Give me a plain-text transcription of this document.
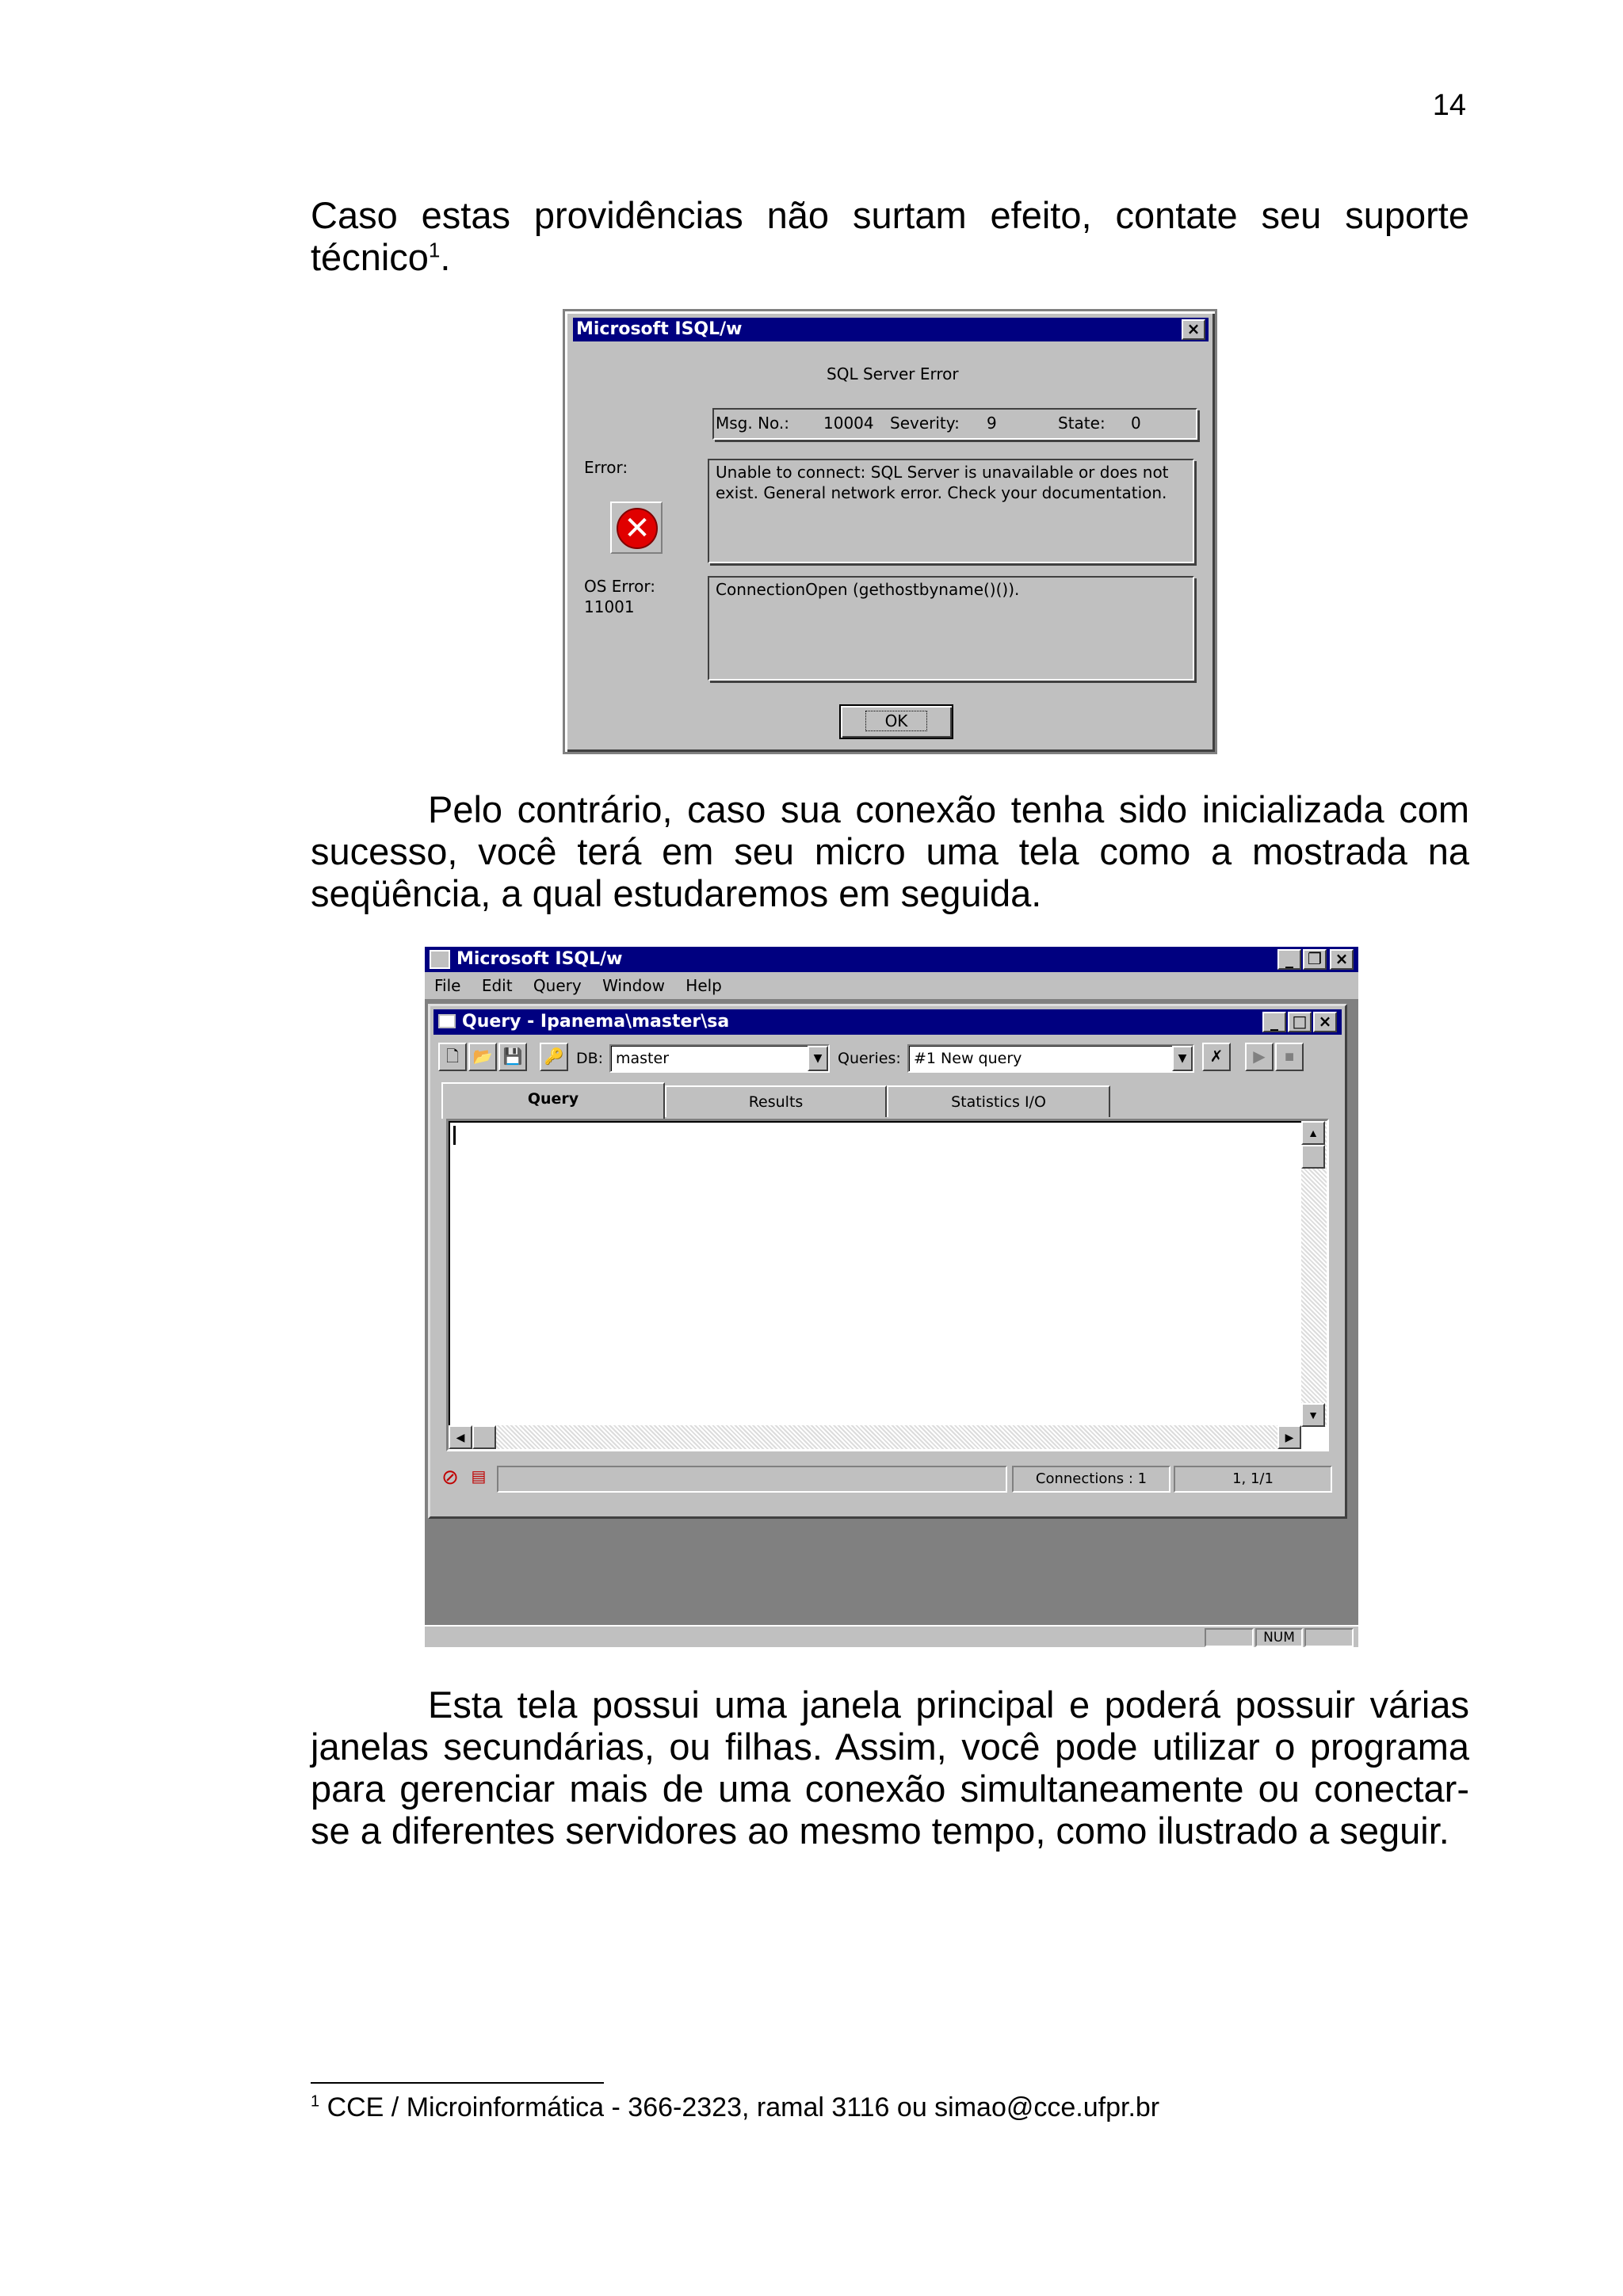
14

Caso estas providências não surtam efeito, contate seu suporte técnico$^1$.

Microsoft ISQL/w	×
SQL Server Error
Msg. No.: 10004 Severity: 9	State: 0
Error:
✕
Unable to connect: SQL Server is unavailable or does not exist. General network error. Check your documentation.
OS Error:
11001
ConnectionOpen (gethostbyname()()).
OK

Pelo contrário, caso sua conexão tenha sido inicializada com sucesso, você terá em seu micro uma tela como a mostrada na seqüência, a qual estudaremos em seguida.

Microsoft ISQL/w	_ ❐ ×
File Edit Query Window Help
Query - Ipanema\master\sa	_ □ ×
🗋 📂 💾 🔑 DB: master	▼	Queries: #1 New query	▼	✗	▶	■
Query	Results	Statistics I/O
▲
▼
◀	▶
⊘ ▤	Connections : 1	1, 1/1
NUM

Esta tela possui uma janela principal e poderá possuir várias janelas secundárias, ou filhas. Assim, você pode utilizar o programa para gerenciar mais de uma conexão simultaneamente ou conectar-se a diferentes servidores ao mesmo tempo, como ilustrado a seguir.

$^1$ CCE / Microinformática - 366-2323, ramal 3116 ou simao@cce.ufpr.br
